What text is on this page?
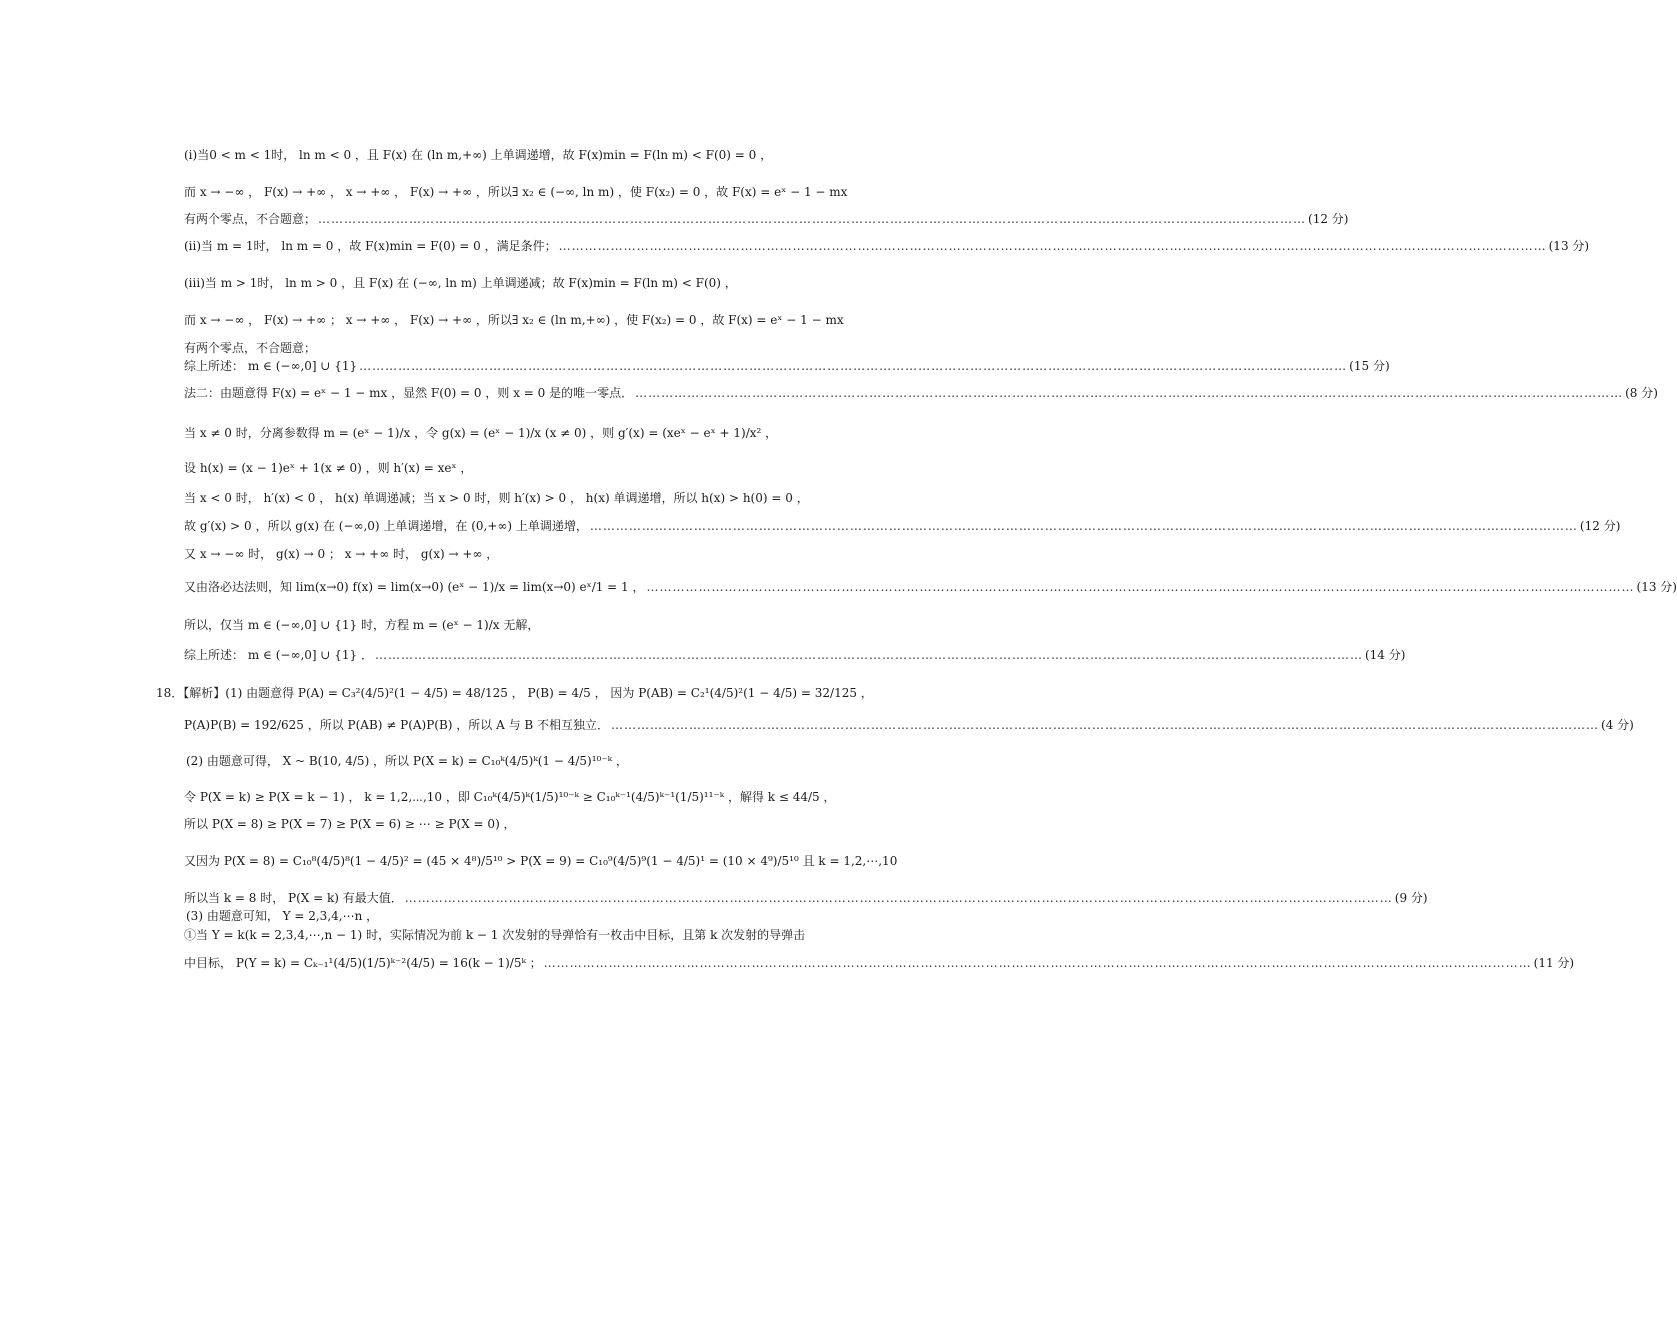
(i)当0 < m < 1时， ln m < 0 ，且 F(x) 在 (ln m,+∞) 上单调递增，故 F(x)min = F(ln m) < F(0) = 0 ，
而 x → −∞ ， F(x) → +∞ ， x → +∞ ， F(x) → +∞ ，所以∃ x₂ ∈ (−∞, ln m) ，使 F(x₂) = 0 ，故 F(x) = eˣ − 1 − mx
有两个零点，不合题意； …………………………………………………………………………………………………………………………………………………………………………………………………………	(12 分)
(ii)当 m = 1时， ln m = 0 ，故 F(x)min = F(0) = 0 ，满足条件； …………………………………………………………………………………………………………………………………………………………………………………………………………	(13 分)
(iii)当 m > 1时， ln m > 0 ，且 F(x) 在 (−∞, ln m) 上单调递减；故 F(x)min = F(ln m) < F(0) ，
而 x → −∞ ， F(x) → +∞ ； x → +∞ ， F(x) → +∞ ，所以∃ x₂ ∈ (ln m,+∞) ，使 F(x₂) = 0 ，故 F(x) = eˣ − 1 − mx
有两个零点，不合题意；
综上所述： m ∈ (−∞,0] ∪ {1} …………………………………………………………………………………………………………………………………………………………………………………………………………	(15 分)
法二：由题意得 F(x) = eˣ − 1 − mx ，显然 F(0) = 0 ，则 x = 0 是的唯一零点． …………………………………………………………………………………………………………………………………………………………………………………………………………	(8 分)
当 x ≠ 0 时，分离参数得 m = (eˣ − 1)/x ，令 g(x) = (eˣ − 1)/x (x ≠ 0) ，则 g′(x) = (xeˣ − eˣ + 1)/x² ，
设 h(x) = (x − 1)eˣ + 1(x ≠ 0) ，则 h′(x) = xeˣ ，
当 x < 0 时， h′(x) < 0 ， h(x) 单调递减；当 x > 0 时，则 h′(x) > 0 ， h(x) 单调递增，所以 h(x) > h(0) = 0 ，
故 g′(x) > 0 ，所以 g(x) 在 (−∞,0) 上单调递增，在 (0,+∞) 上单调递增， …………………………………………………………………………………………………………………………………………………………………………………………………………	(12 分)
又 x → −∞ 时， g(x) → 0 ； x → +∞ 时， g(x) → +∞ ，
又由洛必达法则，知 lim(x→0) f(x) = lim(x→0) (eˣ − 1)/x = lim(x→0) eˣ/1 = 1 ， …………………………………………………………………………………………………………………………………………………………………………………………………………	(13 分)
所以，仅当 m ∈ (−∞,0] ∪ {1} 时，方程 m = (eˣ − 1)/x 无解，
综上所述： m ∈ (−∞,0] ∪ {1} ． …………………………………………………………………………………………………………………………………………………………………………………………………………	(14 分)
18．【解析】(1) 由题意得 P(A) = C₃²(4/5)²(1 − 4/5) = 48/125 ， P(B) = 4/5 ， 因为 P(AB) = C₂¹(4/5)²(1 − 4/5) = 32/125 ，
P(A)P(B) = 192/625 ，所以 P(AB) ≠ P(A)P(B) ，所以 A 与 B 不相互独立． …………………………………………………………………………………………………………………………………………………………………………………………………………	(4 分)
(2) 由题意可得， X ~ B(10, 4/5) ，所以 P(X = k) = C₁₀ᵏ(4/5)ᵏ(1 − 4/5)¹⁰⁻ᵏ ，
令 P(X = k) ≥ P(X = k − 1) ， k = 1,2,⋯,10 ，即 C₁₀ᵏ(4/5)ᵏ(1/5)¹⁰⁻ᵏ ≥ C₁₀ᵏ⁻¹(4/5)ᵏ⁻¹(1/5)¹¹⁻ᵏ ，解得 k ≤ 44/5 ，
所以 P(X = 8) ≥ P(X = 7) ≥ P(X = 6) ≥ ⋯ ≥ P(X = 0) ，
又因为 P(X = 8) = C₁₀⁸(4/5)⁸(1 − 4/5)² = (45 × 4⁸)/5¹⁰ > P(X = 9) = C₁₀⁹(4/5)⁹(1 − 4/5)¹ = (10 × 4⁹)/5¹⁰ 且 k = 1,2,⋯,10
所以当 k = 8 时， P(X = k) 有最大值． …………………………………………………………………………………………………………………………………………………………………………………………………………	(9 分)
(3) 由题意可知， Y = 2,3,4,⋯n ，
①当 Y = k(k = 2,3,4,⋯,n − 1) 时，实际情况为前 k − 1 次发射的导弹恰有一枚击中目标，且第 k 次发射的导弹击
中目标， P(Y = k) = Cₖ₋₁¹(4/5)(1/5)ᵏ⁻²(4/5) = 16(k − 1)/5ᵏ ； …………………………………………………………………………………………………………………………………………………………………………………………………………	(11 分)
